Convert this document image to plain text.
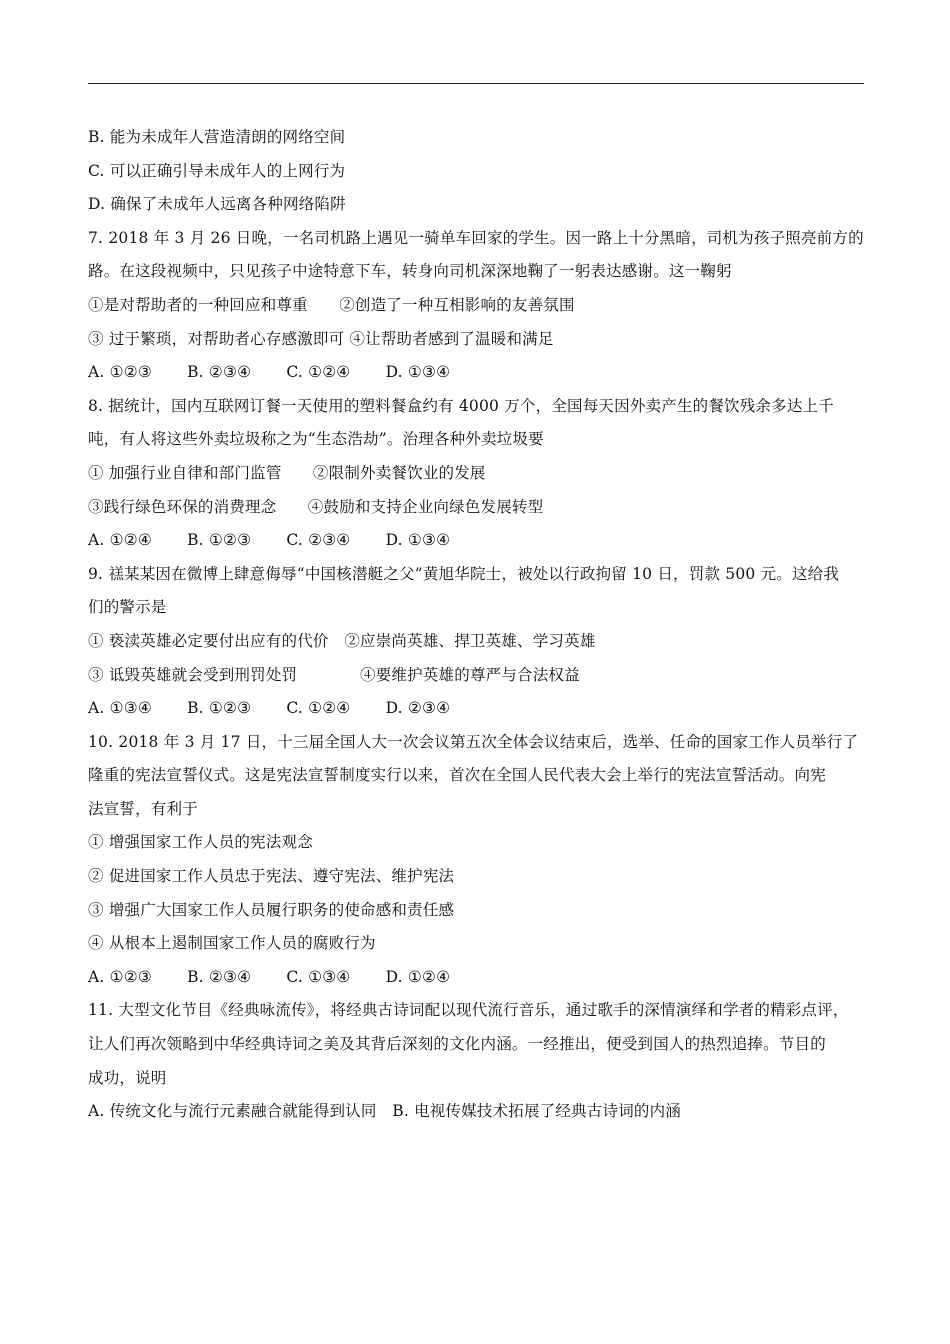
B. 能为未成年人营造清朗的网络空间
C. 可以正确引导未成年人的上网行为
D. 确保了未成年人远离各种网络陷阱
7. 2018 年 3 月 26 日晚，一名司机路上遇见一骑单车回家的学生。因一路上十分黑暗，司机为孩子照亮前方的
路。在这段视频中，只见孩子中途特意下车，转身向司机深深地鞠了一躬表达感谢。这一鞠躬
①是对帮助者的一种回应和尊重　　②创造了一种互相影响的友善氛围
③ 过于繁琐，对帮助者心存感激即可 ④让帮助者感到了温暖和满足
A. ①②③ B. ②③④ C. ①②④ D. ①③④
8. 据统计，国内互联网订餐一天使用的塑料餐盒约有 4000 万个，全国每天因外卖产生的餐饮残余多达上千
吨，有人将这些外卖垃圾称之为“生态浩劫”。治理各种外卖垃圾要
① 加强行业自律和部门监管　　②限制外卖餐饮业的发展
③践行绿色环保的消费理念　　④鼓励和支持企业向绿色发展转型
A. ①②④ B. ①②③ C. ②③④ D. ①③④
9. 禚某某因在微博上肆意侮辱“中国核潜艇之父”黄旭华院士，被处以行政拘留 10 日，罚款 500 元。这给我
们的警示是
① 亵渎英雄必定要付出应有的代价　②应崇尚英雄、捍卫英雄、学习英雄
③ 诋毁英雄就会受到刑罚处罚　　　　④要维护英雄的尊严与合法权益
A. ①③④ B. ①②③ C. ①②④ D. ②③④
10. 2018 年 3 月 17 日，十三届全国人大一次会议第五次全体会议结束后，选举、任命的国家工作人员举行了
隆重的宪法宣誓仪式。这是宪法宣誓制度实行以来，首次在全国人民代表大会上举行的宪法宣誓活动。向宪
法宣誓，有利于
① 增强国家工作人员的宪法观念
② 促进国家工作人员忠于宪法、遵守宪法、维护宪法
③ 增强广大国家工作人员履行职务的使命感和责任感
④ 从根本上遏制国家工作人员的腐败行为
A. ①②③ B. ②③④ C. ①③④ D. ①②④
11. 大型文化节目《经典咏流传》，将经典古诗词配以现代流行音乐，通过歌手的深情演绎和学者的精彩点评，
让人们再次领略到中华经典诗词之美及其背后深刻的文化内涵。一经推出，便受到国人的热烈追捧。节目的
成功，说明
A. 传统文化与流行元素融合就能得到认同　B. 电视传媒技术拓展了经典古诗词的内涵
